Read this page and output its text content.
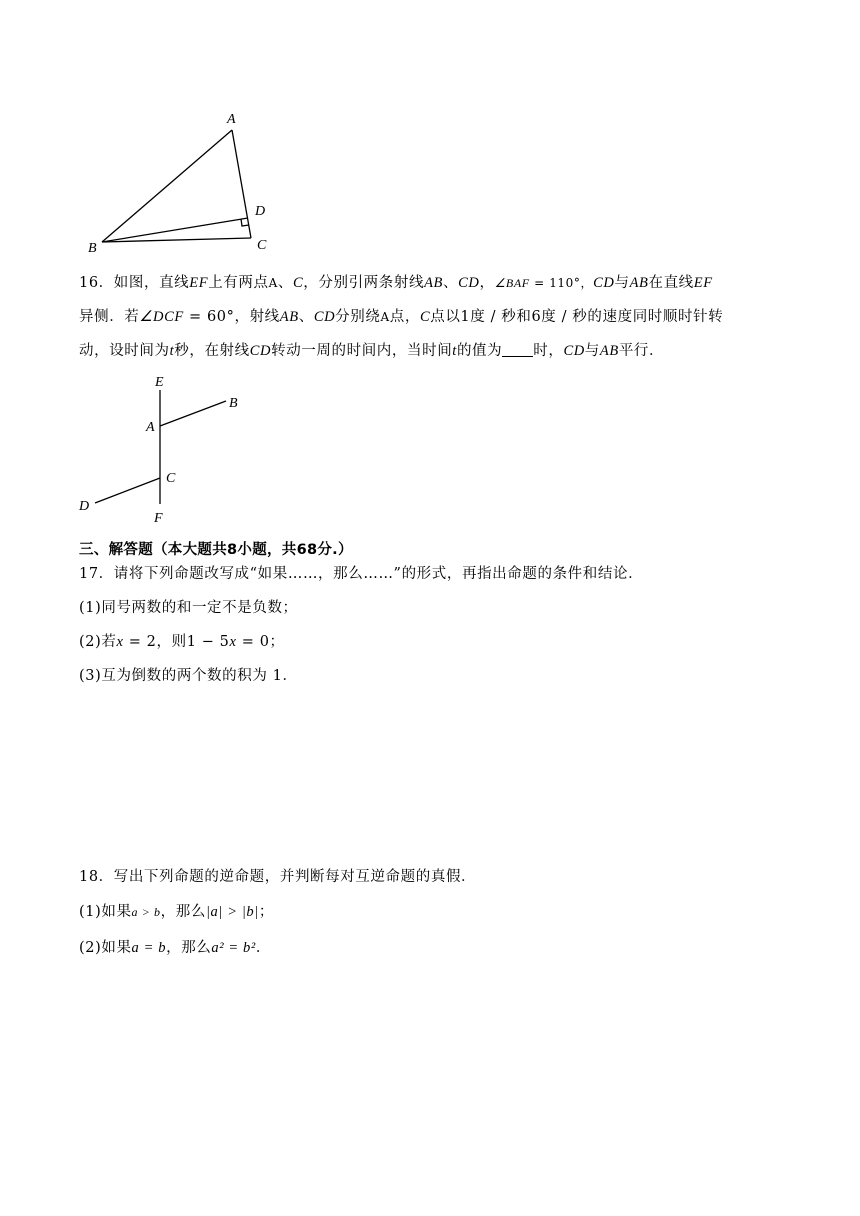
A
B	C
D
16．如图，直线EF上有两点A、C，分别引两条射线AB、CD，∠BAF = 110°，CD与AB在直线EF
异侧．若∠DCF = 60°，射线AB、CD分别绕A点，C点以1度 / 秒和6度 / 秒的速度同时顺时针转
动，设时间为t秒，在射线CD转动一周的时间内，当时间t的值为 时，CD与AB平行．
E
B
A
C
D
F
三、解答题（本大题共8小题，共68分.）
17．请将下列命题改写成“如果……，那么……”的形式，再指出命题的条件和结论．
(1)同号两数的和一定不是负数；
(2)若x = 2，则1 − 5x = 0；
(3)互为倒数的两个数的积为 1．
18．写出下列命题的逆命题，并判断每对互逆命题的真假．
(1)如果a > b，那么|a| > |b|；
(2)如果a = b，那么a² = b²．
